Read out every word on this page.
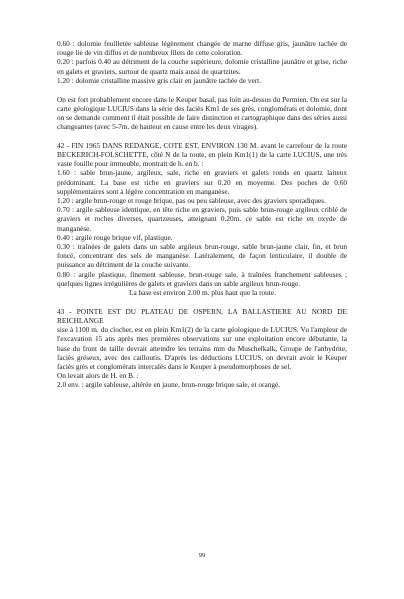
0.60 : dolomie feuilletée sableuse légèrement changée de marne diffuse gris, jaunâtre tachée de rouge lie de vin diffus et de nombreux filets de cette coloration.

0.20 : parfois 0.40 au détriment de la couche supérieure, dolomie cristalline jaunâtre et grise, riche en galets et graviers, surtout de quartz mais aussi de quartzites.

1.20 : dolomie cristalline massive gris clair en jaunâtre tachée de vert.

On est fort probablement encore dans le Keuper basal, pas loin au-dessus du Permien. On est sur la carte géologique LUCIUS dans la série des faciès Km1 de ses grès, conglomérats et dolomie, dont on se demande comment il était possible de faire distinction et cartographique dans des séries aussi changeantes (avec 5-7m. de hauteur en cause entre les deux virages).

42 - FIN 1965 DANS REDANGE, COTE EST, ENVIRON 130 M. avant le carrefour de la route BECKERICH-FOLSCHETTE, côté N de la route, en plein Km1(1) de la carte LUCIUS, une très vaste fouille pour immeuble, montrait de h. en b. :

1.60 : sable brun-jaune, argileux, sale, riche en graviers et galets ronds en quartz laiteux prédominant. La base est riche en graviers sur 0.20 en moyenne. Des poches de 0.60 supplémentaires sont à légère concentration en manganèse.

1.20 : argile brun-rouge et rouge brique, pas ou peu sableuse, avec des graviers sporadiques.

0.70 : argile sableuse identique, en tête riche en graviers, puis sable brun-rouge argileux criblé de graviers et roches diverses, quartzeuses, atteignant 0.20m. ce sable est riche en oxyde de manganèse.

0.40 : argile rouge brique vif, plastique.

0.30 : traînées de galets dans un sable argileux brun-rouge, sable brun-jaune clair, fin, et brun foncé, concentrant des sels de manganèse. Latéralement, de façon lenticulaire, il double de puissance au détriment de la couche suivante.

0.80 : argile plastique, finement sableuse, brun-rouge sale, à traînées franchement sableuses ; quelques lignes irrégulières de galets et graviers dans un sable argileux brun-rouge.

La base est environ 2.00 m. plus haut que la route.

43 - POINTE EST DU PLATEAU DE OSPERN, LA BALLASTIERE AU NORD DE REICHLANGE

sise à 1100 m. du clocher, est en plein Km1(2) de la carte géologique de LUCIUS. Vu l'ampleur de l'excavation 15 ans après mes premières observations sur une exploitation encore débutante, la base du front de taille devrait atteindre les terrains mm du Muschelkalk, Groupe de l'anhydrite, faciès gréseux, avec des cailloutis. D'après les déductions LUCIUS, on devrait avoir le Keuper faciès grès et conglomérats intercalés dans le Keuper à pseudomorphoses de sel.

On levait alors de H. en B. :

2.0 env. : argile sableuse, altérée en jaune, brun-rouge brique sale, et orangé.

99
